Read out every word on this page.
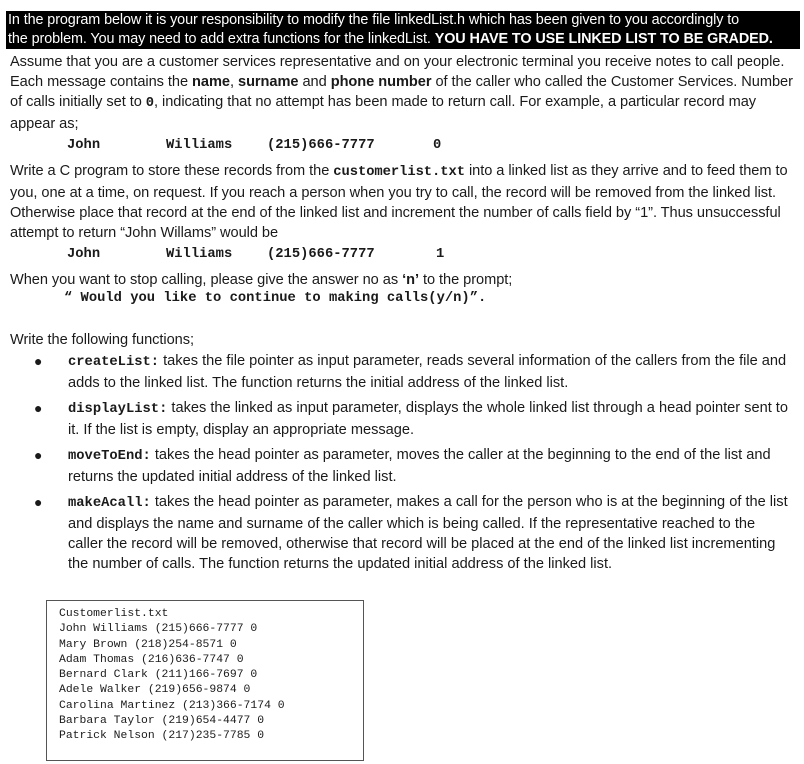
In the program below it is your responsibility to modify the file linkedList.h which has been given to you accordingly to
the problem. You may need to add extra functions for the linkedList. YOU HAVE TO USE LINKED LIST TO BE GRADED.
Assume that you are a customer services representative and on your electronic terminal you receive notes to call people. Each message contains the name, surname and phone number of the caller who called the Customer Services. Number of calls initially set to 0, indicating that no attempt has been made to return call. For example, a particular record may appear as;
John	Williams	(215)666-7777	0
Write a C program to store these records from the customerlist.txt into a linked list as they arrive and to feed them to you, one at a time, on request. If you reach a person when you try to call, the record will be removed from the linked list. Otherwise place that record at the end of the linked list and increment the number of calls field by “1”. Thus unsuccessful attempt to return “John Willams” would be
John	Williams	(215)666-7777	1
When you want to stop calling, please give the answer no as ‘n’ to the prompt;
“ Would you like to continue to making calls(y/n)”.
Write the following functions;
● createList: takes the file pointer as input parameter, reads several information of the callers from the file and adds to the linked list. The function returns the initial address of the linked list.
● displayList: takes the linked as input parameter, displays the whole linked list through a head pointer sent to it. If the list is empty, display an appropriate message.
● moveToEnd: takes the head pointer as parameter, moves the caller at the beginning to the end of the list and returns the updated initial address of the linked list.
● makeAcall: takes the head pointer as parameter, makes a call for the person who is at the beginning of the list and displays the name and surname of the caller which is being called. If the representative reached to the caller the record will be removed, otherwise that record will be placed at the end of the linked list incrementing the number of calls. The function returns the updated initial address of the linked list.
Customerlist.txt
John Williams (215)666-7777 0
Mary Brown (218)254-8571 0
Adam Thomas (216)636-7747 0
Bernard Clark (211)166-7697 0
Adele Walker (219)656-9874 0
Carolina Martinez (213)366-7174 0
Barbara Taylor (219)654-4477 0
Patrick Nelson (217)235-7785 0
